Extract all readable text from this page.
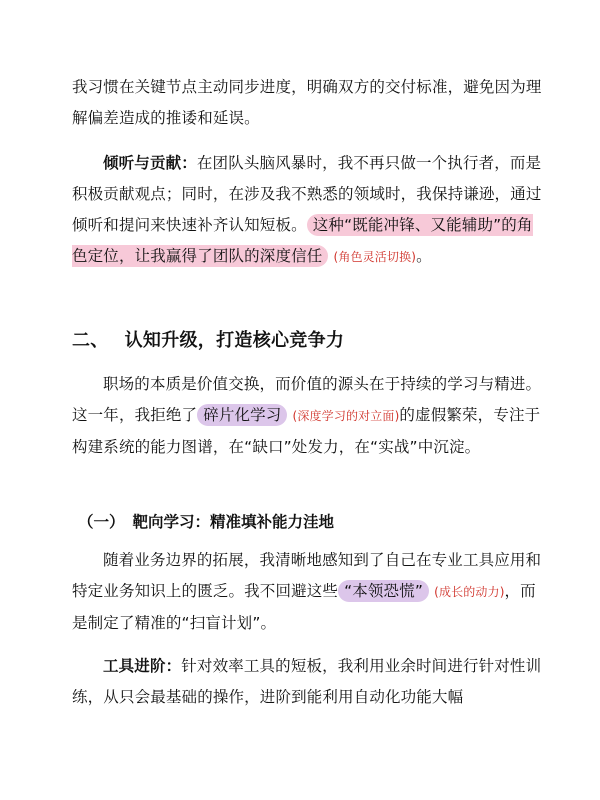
我习惯在关键节点主动同步进度，明确双方的交付标准，避免因为理解偏差造成的推诿和延误。

倾听与贡献：在团队头脑风暴时，我不再只做一个执行者，而是积极贡献观点；同时，在涉及我不熟悉的领域时，我保持谦逊，通过倾听和提问来快速补齐认知短板。 这种“既能冲锋、又能辅助”的角色定位，让我赢得了团队的深度信任 (角色灵活切换)。

二、 认知升级，打造核心竞争力

职场的本质是价值交换，而价值的源头在于持续的学习与精进。这一年，我拒绝了 碎片化学习 (深度学习的对立面)的虚假繁荣，专注于构建系统的能力图谱，在“缺口”处发力，在“实战”中沉淀。

（一） 靶向学习：精准填补能力洼地

随着业务边界的拓展，我清晰地感知到了自己在专业工具应用和特定业务知识上的匮乏。我不回避这些 “本领恐慌” (成长的动力)，而是制定了精准的“扫盲计划”。

工具进阶：针对效率工具的短板，我利用业余时间进行针对性训练，从只会最基础的操作，进阶到能利用自动化功能大幅
